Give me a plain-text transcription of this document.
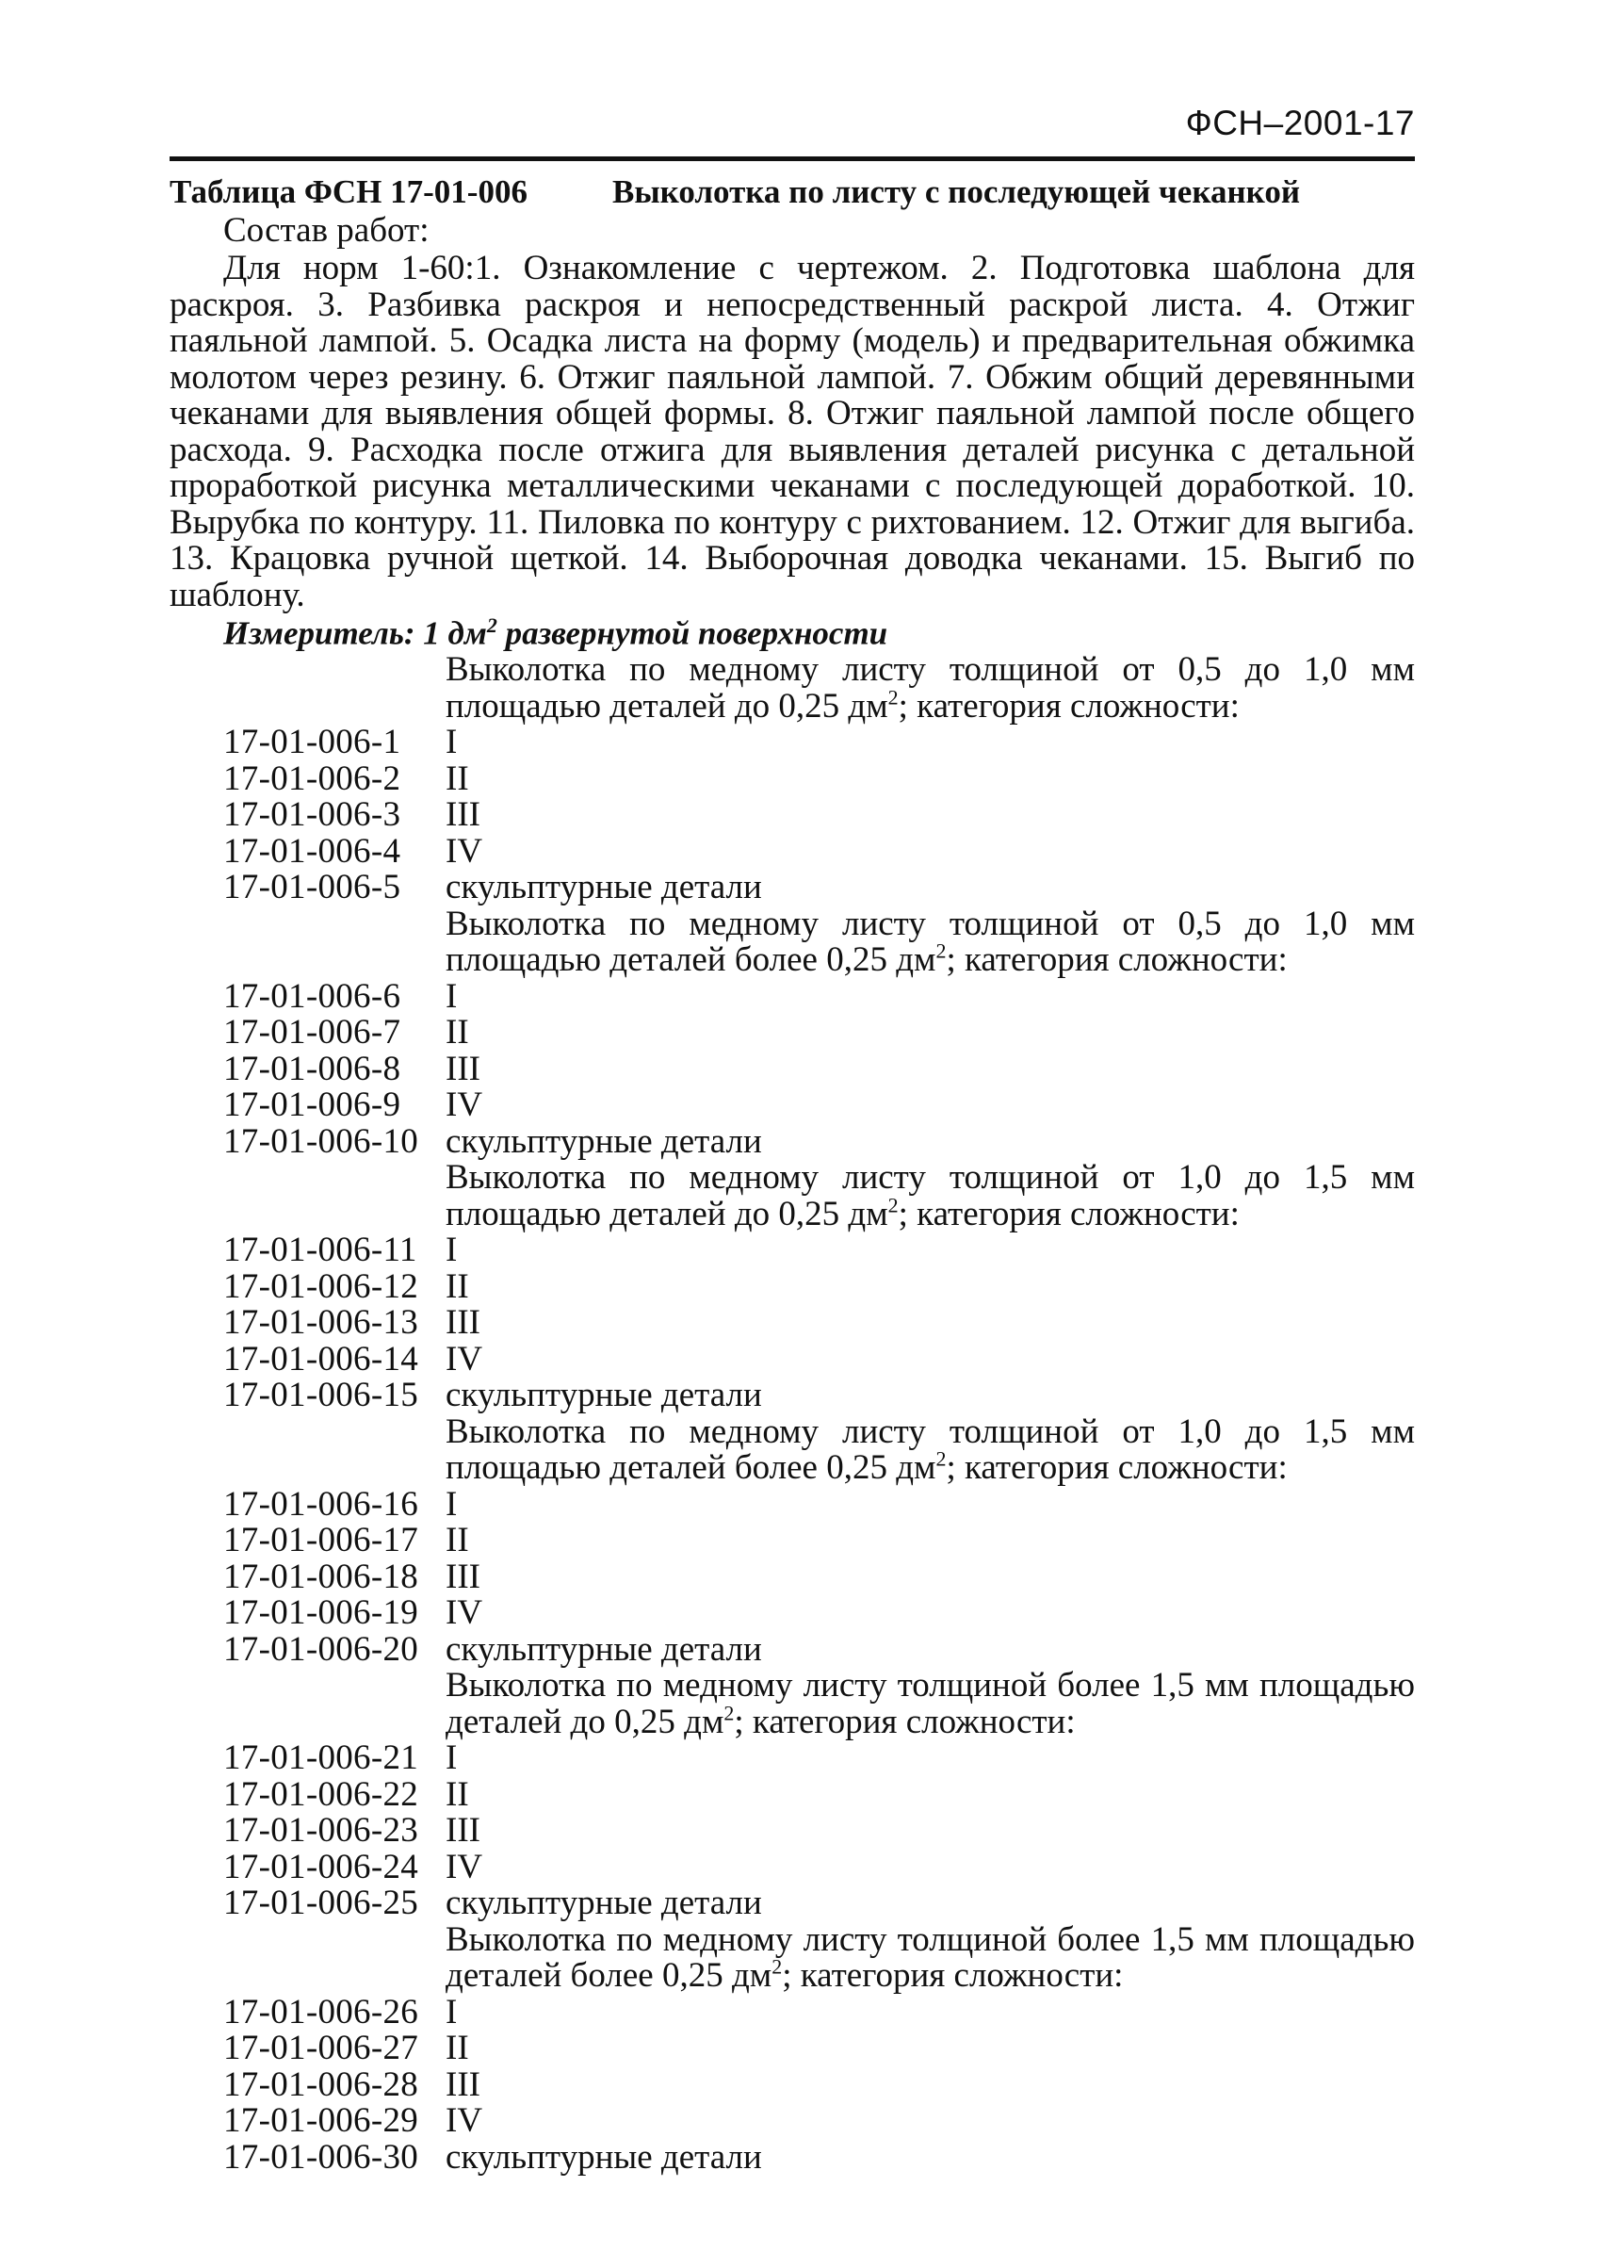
ФСН–2001-17
Таблица ФСН 17-01-006	Выколотка по листу с последующей чеканкой
Состав работ:
Для норм 1-60:1. Ознакомление с чертежом. 2. Подготовка шаблона для раскроя. 3. Разбивка раскроя и непосредственный раскрой листа. 4. Отжиг паяльной лампой. 5. Осадка листа на форму (модель) и предварительная обжимка молотом через резину. 6. Отжиг паяльной лампой. 7. Обжим общий деревянными чеканами для выявления общей формы. 8. Отжиг паяльной лампой после общего расхода. 9. Расходка после отжига для выявления деталей рисунка с детальной проработкой рисунка металлическими чеканами с последующей доработкой. 10. Вырубка по контуру. 11. Пиловка по контуру с рихтованием. 12. Отжиг для выгиба. 13. Крацовка ручной щеткой. 14. Выборочная доводка чеканами. 15. Выгиб по шаблону.
Измеритель: 1 $дм^2$ развернутой поверхности
Выколотка по медному листу толщиной от 0,5 до 1,0 мм площадью деталей до 0,25 $дм^2$; категория сложности:
17-01-006-1 I
17-01-006-2 II
17-01-006-3 III
17-01-006-4 IV
17-01-006-5 скульптурные детали
Выколотка по медному листу толщиной от 0,5 до 1,0 мм площадью деталей более 0,25 $дм^2$; категория сложности:
17-01-006-6 I
17-01-006-7 II
17-01-006-8 III
17-01-006-9 IV
17-01-006-10 скульптурные детали
Выколотка по медному листу толщиной от 1,0 до 1,5 мм площадью деталей до 0,25 $дм^2$; категория сложности:
17-01-006-11 I
17-01-006-12 II
17-01-006-13 III
17-01-006-14 IV
17-01-006-15 скульптурные детали
Выколотка по медному листу толщиной от 1,0 до 1,5 мм площадью деталей более 0,25 $дм^2$; категория сложности:
17-01-006-16 I
17-01-006-17 II
17-01-006-18 III
17-01-006-19 IV
17-01-006-20 скульптурные детали
Выколотка по медному листу толщиной более 1,5 мм площадью деталей до 0,25 $дм^2$; категория сложности:
17-01-006-21 I
17-01-006-22 II
17-01-006-23 III
17-01-006-24 IV
17-01-006-25 скульптурные детали
Выколотка по медному листу толщиной более 1,5 мм площадью деталей более 0,25 $дм^2$; категория сложности:
17-01-006-26 I
17-01-006-27 II
17-01-006-28 III
17-01-006-29 IV
17-01-006-30 скульптурные детали
